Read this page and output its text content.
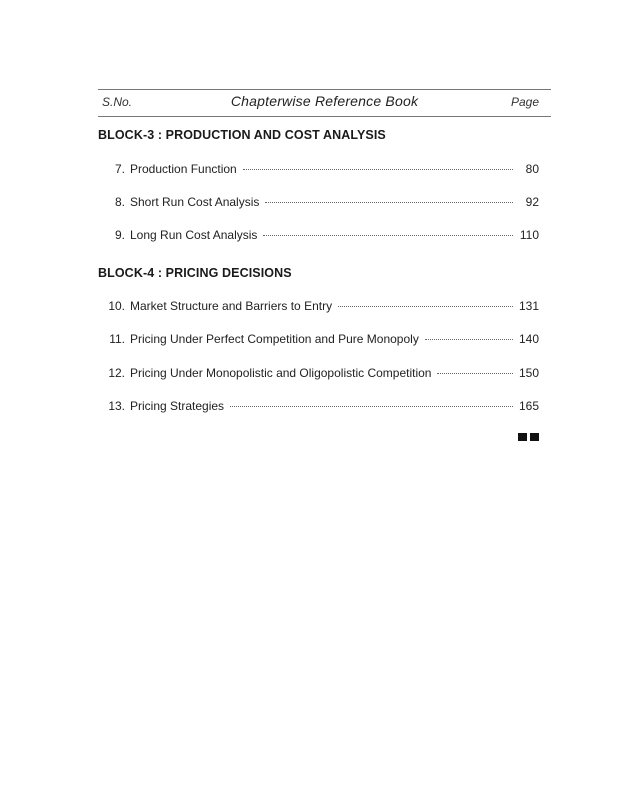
S.No.	Chapterwise Reference Book	Page
BLOCK-3 : PRODUCTION AND COST ANALYSIS
7. Production Function	80
8. Short Run Cost Analysis	92
9. Long Run Cost Analysis	110
BLOCK-4 : PRICING DECISIONS
10. Market Structure and Barriers to Entry	131
11. Pricing Under Perfect Competition and Pure Monopoly	140
12. Pricing Under Monopolistic and Oligopolistic Competition	150
13. Pricing Strategies	165
